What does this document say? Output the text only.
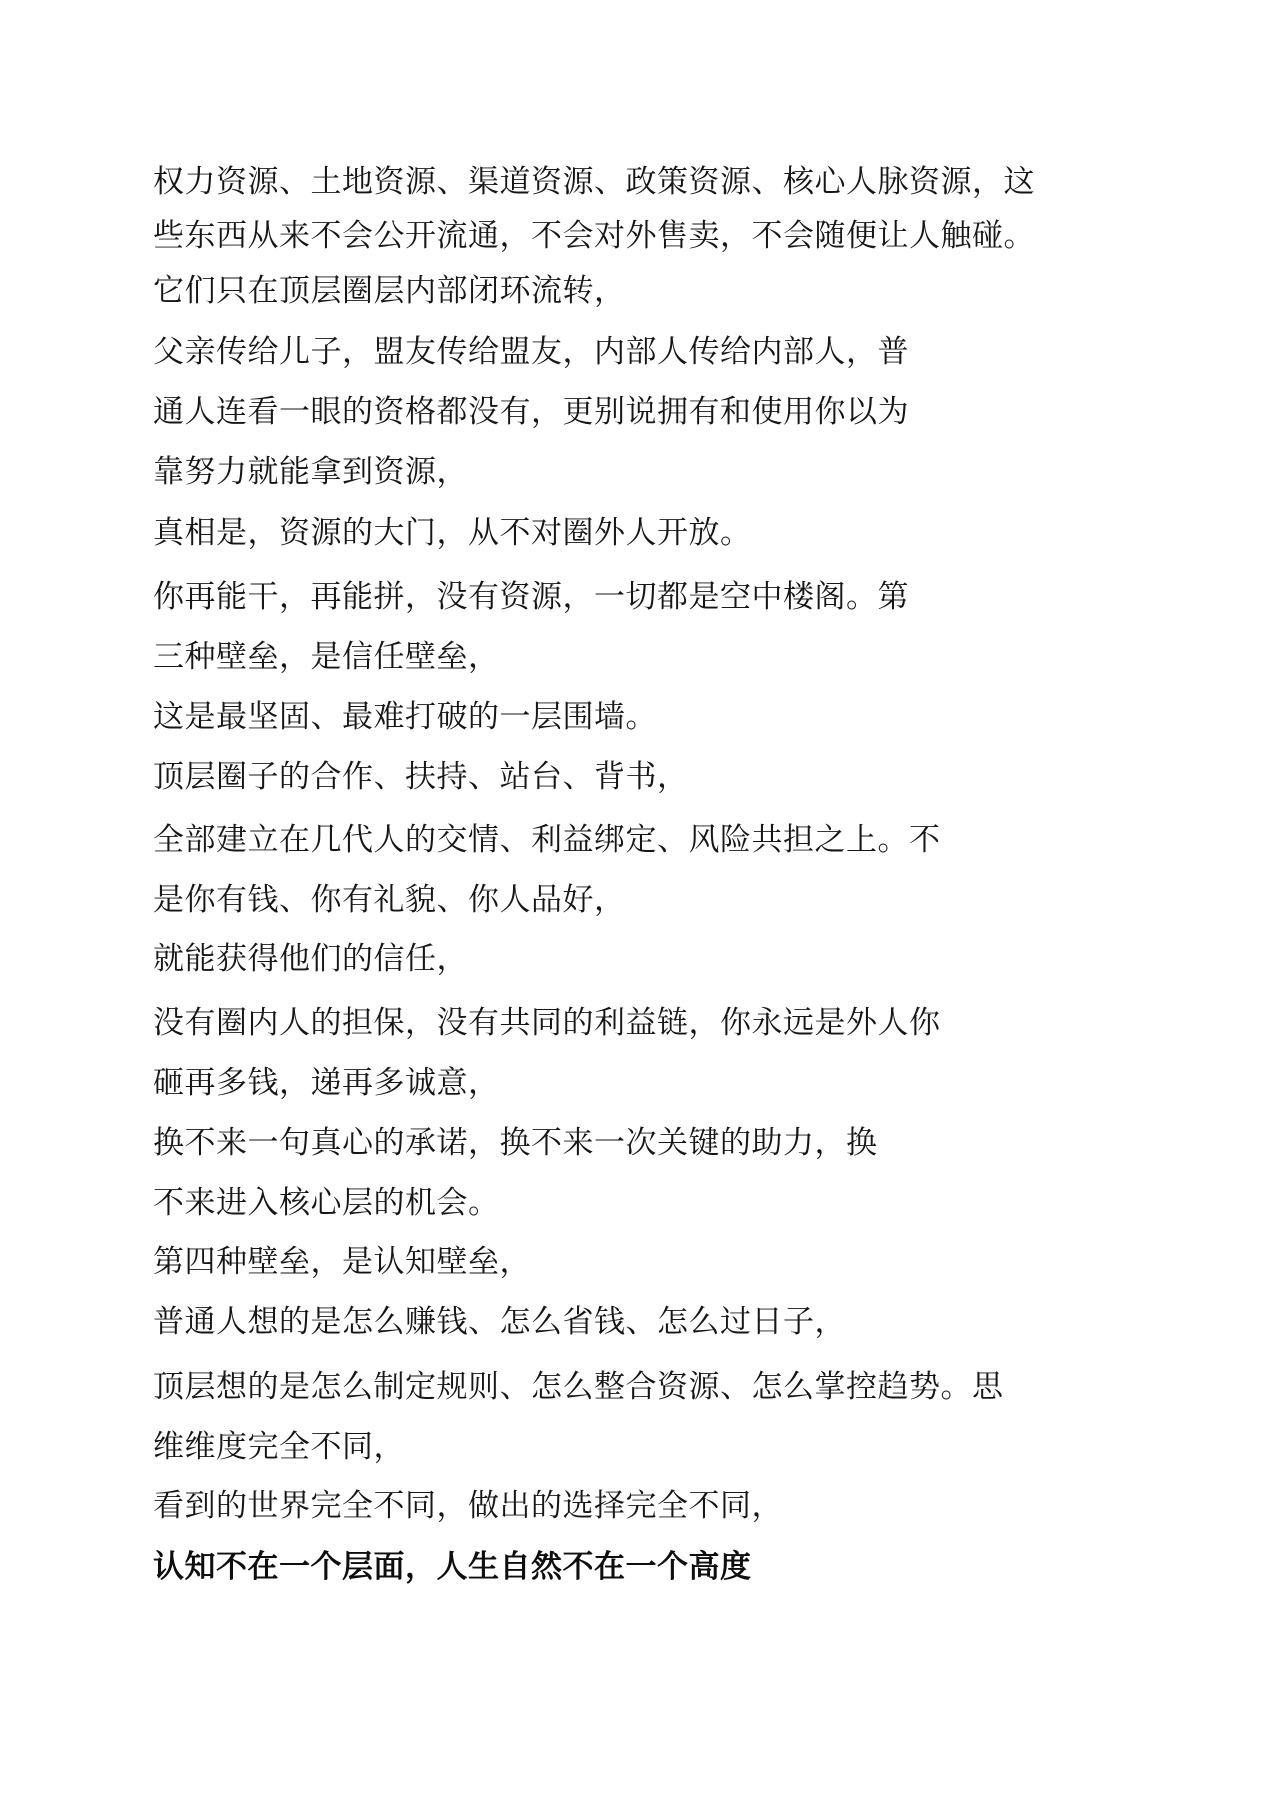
权力资源、土地资源、渠道资源、政策资源、核心人脉资源，这

些东西从来不会公开流通，不会对外售卖，不会随便让人触碰。

它们只在顶层圈层内部闭环流转，

父亲传给儿子，盟友传给盟友，内部人传给内部人，普

通人连看一眼的资格都没有，更别说拥有和使用你以为

靠努力就能拿到资源，

真相是，资源的大门，从不对圈外人开放。

你再能干，再能拼，没有资源，一切都是空中楼阁。第

三种壁垒，是信任壁垒，

这是最坚固、最难打破的一层围墙。

顶层圈子的合作、扶持、站台、背书，

全部建立在几代人的交情、利益绑定、风险共担之上。不

是你有钱、你有礼貌、你人品好，

就能获得他们的信任，

没有圈内人的担保，没有共同的利益链，你永远是外人你

砸再多钱，递再多诚意，

换不来一句真心的承诺，换不来一次关键的助力，换

不来进入核心层的机会。

第四种壁垒，是认知壁垒，

普通人想的是怎么赚钱、怎么省钱、怎么过日子，

顶层想的是怎么制定规则、怎么整合资源、怎么掌控趋势。思

维维度完全不同，

看到的世界完全不同，做出的选择完全不同，

认知不在一个层面，人生自然不在一个高度
